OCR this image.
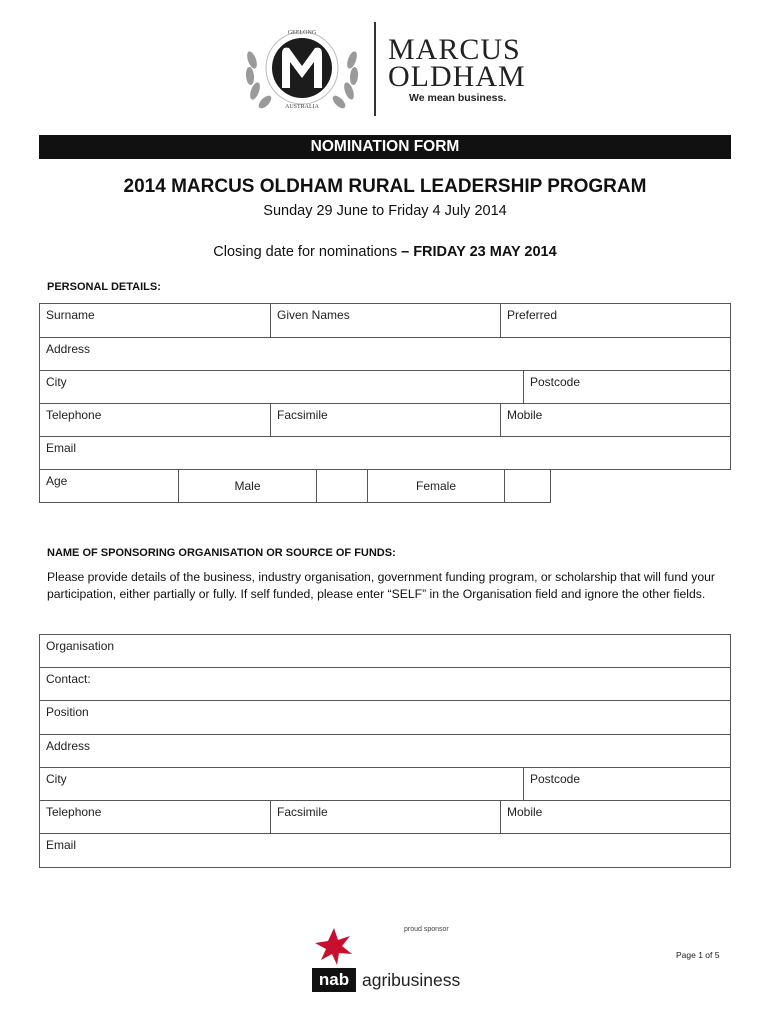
GEELONG
AUSTRALIA
MARCUS
OLDHAM
We mean business.
NOMINATION FORM
2014 MARCUS OLDHAM RURAL LEADERSHIP PROGRAM
Sunday 29 June to Friday 4 July 2014
Closing date for nominations – FRIDAY 23 MAY 2014
PERSONAL DETAILS:
Surname	Given Names	Preferred
Address
City	Postcode
Telephone	Facsimile	Mobile
Email
Age	Male	Female
NAME OF SPONSORING ORGANISATION OR SOURCE OF FUNDS:
Please provide details of the business, industry organisation, government funding program, or scholarship that will fund your participation, either partially or fully. If self funded, please enter “SELF” in the Organisation field and ignore the other fields.
Organisation
Contact:
Position
Address
City	Postcode
Telephone	Facsimile	Mobile
Email
proud sponsor
nab agribusiness
Page 1 of 5
